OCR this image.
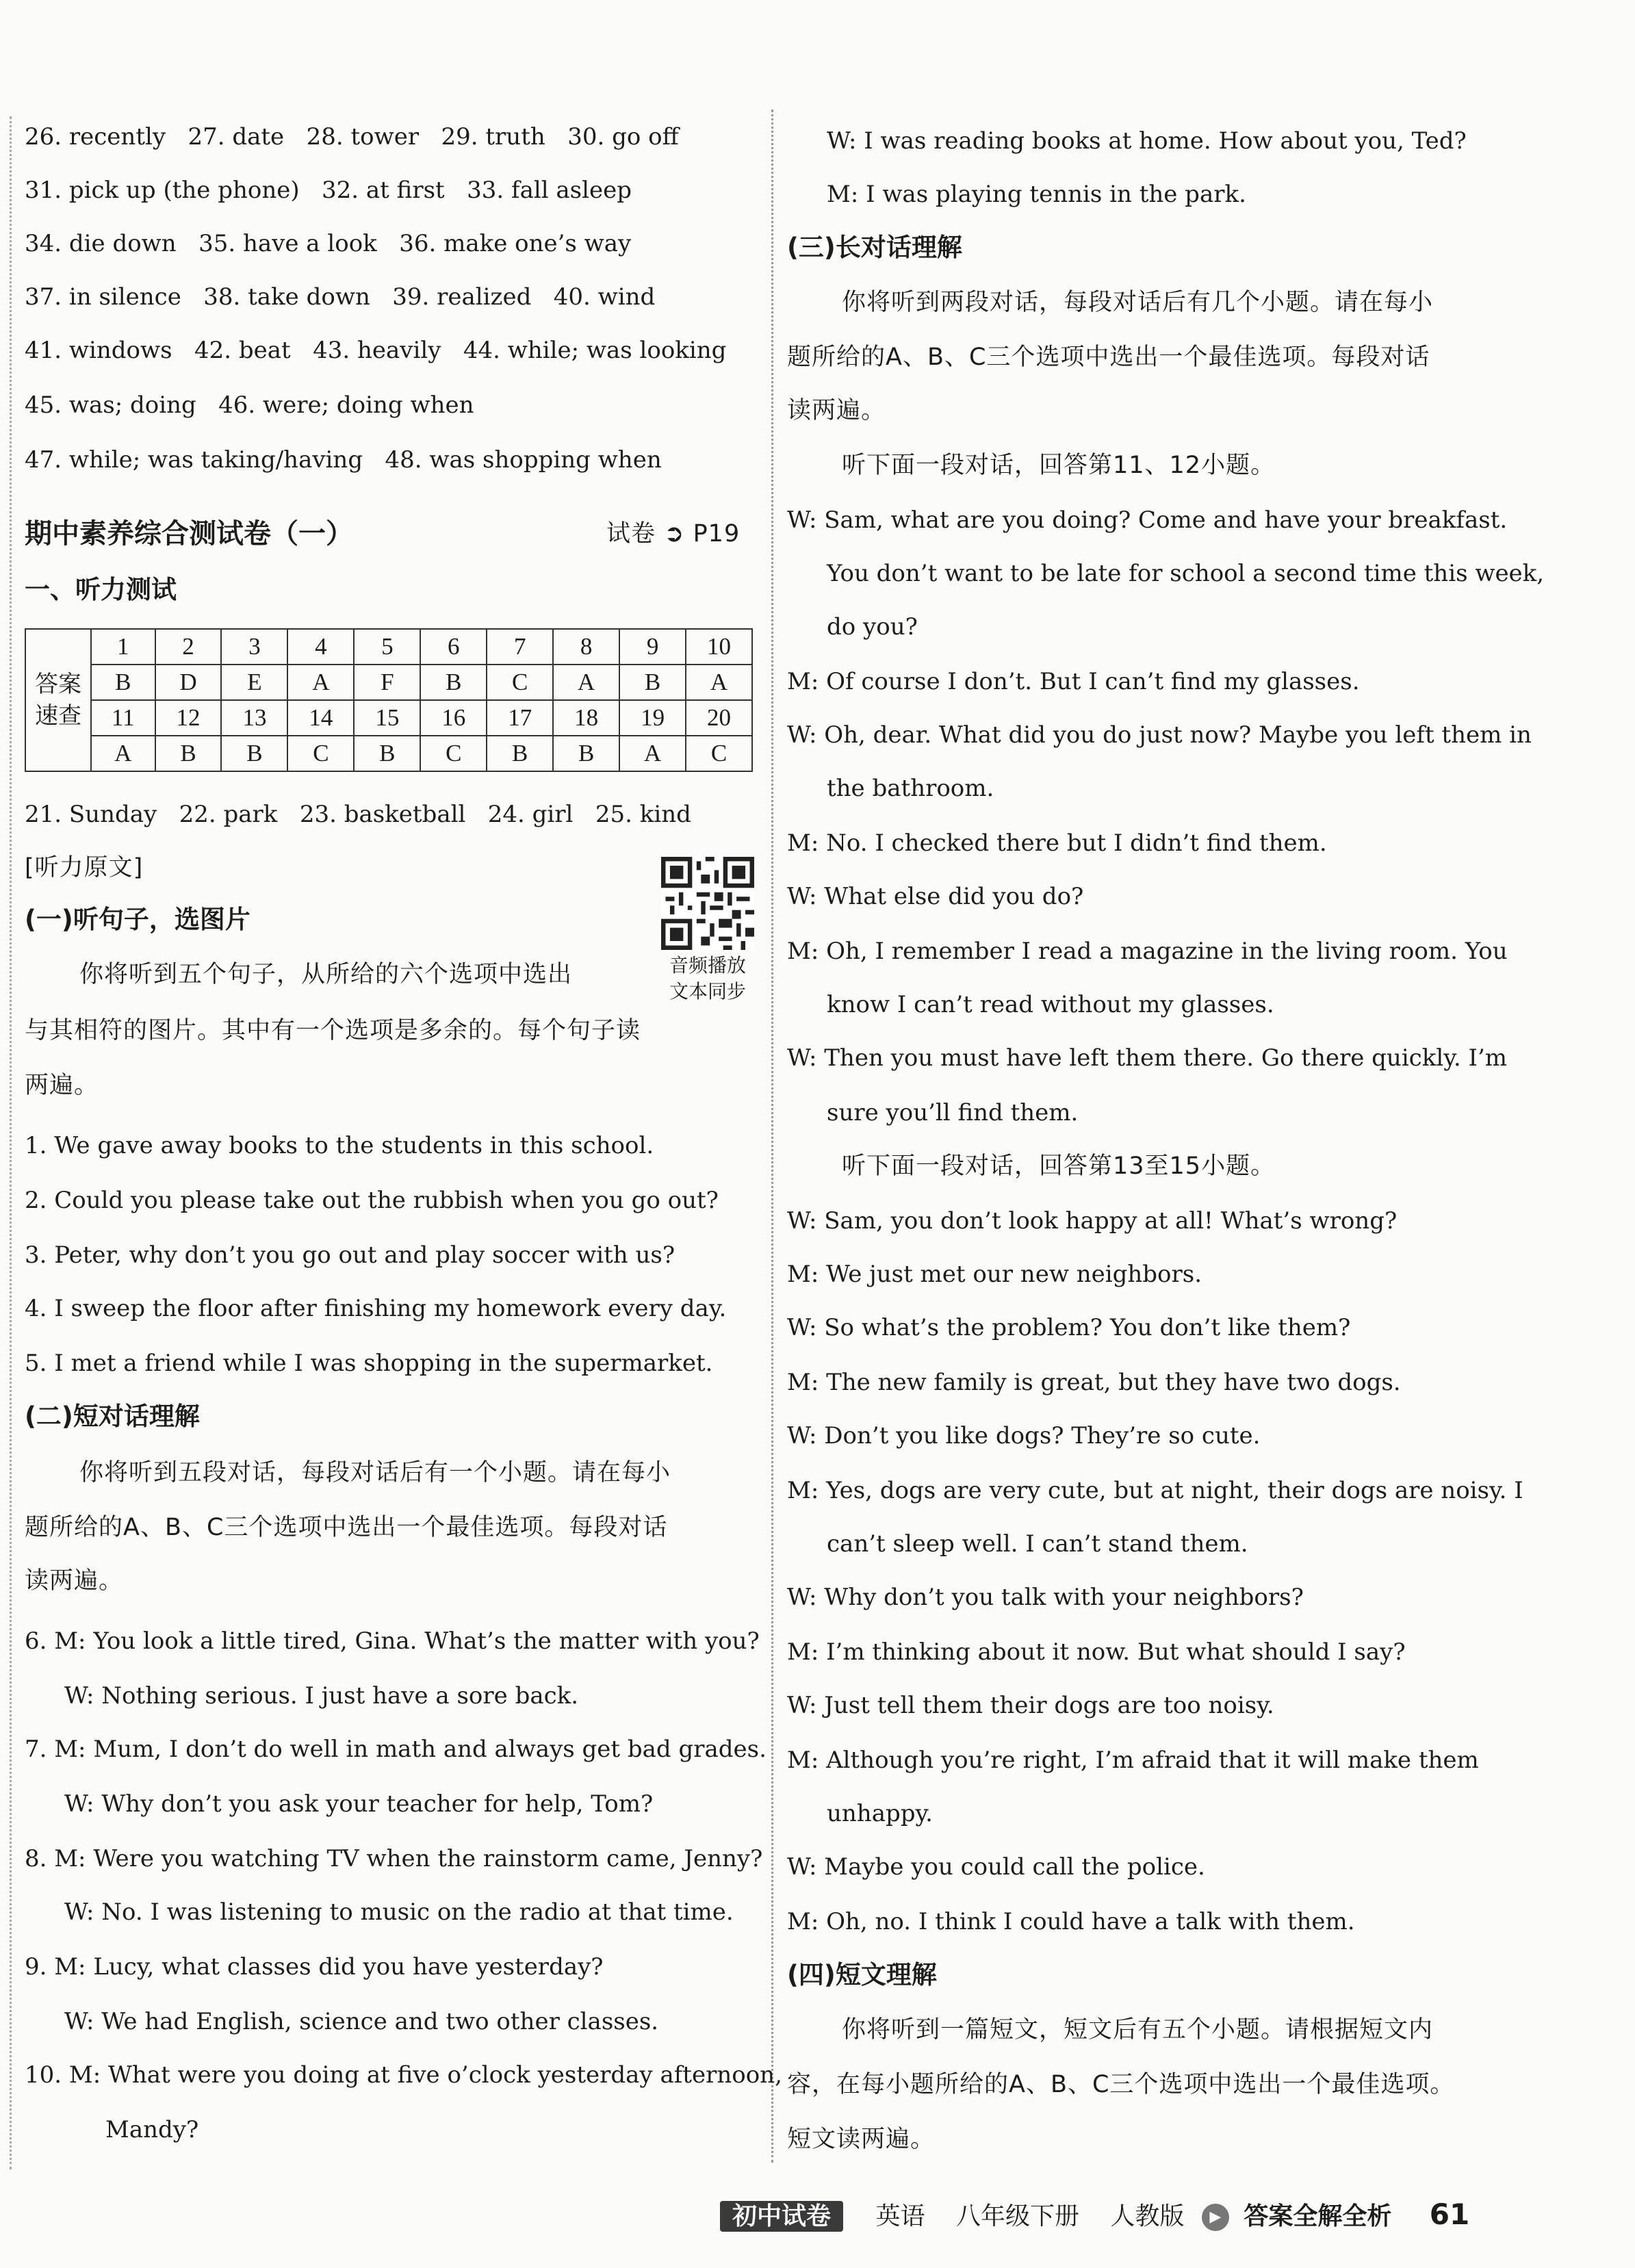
26. recently   27. date   28. tower   29. truth   30. go off
31. pick up (the phone)   32. at first   33. fall asleep
34. die down   35. have a look   36. make one’s way
37. in silence   38. take down   39. realized   40. wind
41. windows   42. beat   43. heavily   44. while; was looking
45. was; doing   46. were; doing when
47. while; was taking/having   48. was shopping when
期中素养综合测试卷（一）	试卷 ➲ P19
一、听力测试
答案速查	1	2	3	4	5	6	7	8	9	10
	B	D	E	A	F	B	C	A	B	A
	11	12	13	14	15	16	17	18	19	20
	A	B	B	C	B	C	B	B	A	C
21. Sunday   22. park   23. basketball   24. girl   25. kind
[听力原文]
音频播放
文本同步
(一)听句子，选图片
你将听到五个句子，从所给的六个选项中选出
与其相符的图片。其中有一个选项是多余的。每个句子读
两遍。
1. We gave away books to the students in this school.
2. Could you please take out the rubbish when you go out?
3. Peter, why don’t you go out and play soccer with us?
4. I sweep the floor after finishing my homework every day.
5. I met a friend while I was shopping in the supermarket.
(二)短对话理解
你将听到五段对话，每段对话后有一个小题。请在每小
题所给的A、B、C三个选项中选出一个最佳选项。每段对话
读两遍。
6. M: You look a little tired, Gina. What’s the matter with you?
W: Nothing serious. I just have a sore back.
7. M: Mum, I don’t do well in math and always get bad grades.
W: Why don’t you ask your teacher for help, Tom?
8. M: Were you watching TV when the rainstorm came, Jenny?
W: No. I was listening to music on the radio at that time.
9. M: Lucy, what classes did you have yesterday?
W: We had English, science and two other classes.
10. M: What were you doing at five o’clock yesterday afternoon,
Mandy?
W: I was reading books at home. How about you, Ted?
M: I was playing tennis in the park.
(三)长对话理解
你将听到两段对话，每段对话后有几个小题。请在每小
题所给的A、B、C三个选项中选出一个最佳选项。每段对话
读两遍。
听下面一段对话，回答第11、12小题。
W: Sam, what are you doing? Come and have your breakfast.
You don’t want to be late for school a second time this week,
do you?
M: Of course I don’t. But I can’t find my glasses.
W: Oh, dear. What did you do just now? Maybe you left them in
the bathroom.
M: No. I checked there but I didn’t find them.
W: What else did you do?
M: Oh, I remember I read a magazine in the living room. You
know I can’t read without my glasses.
W: Then you must have left them there. Go there quickly. I’m
sure you’ll find them.
听下面一段对话，回答第13至15小题。
W: Sam, you don’t look happy at all! What’s wrong?
M: We just met our new neighbors.
W: So what’s the problem? You don’t like them?
M: The new family is great, but they have two dogs.
W: Don’t you like dogs? They’re so cute.
M: Yes, dogs are very cute, but at night, their dogs are noisy. I
can’t sleep well. I can’t stand them.
W: Why don’t you talk with your neighbors?
M: I’m thinking about it now. But what should I say?
W: Just tell them their dogs are too noisy.
M: Although you’re right, I’m afraid that it will make them
unhappy.
W: Maybe you could call the police.
M: Oh, no. I think I could have a talk with them.
(四)短文理解
你将听到一篇短文，短文后有五个小题。请根据短文内
容，在每小题所给的A、B、C三个选项中选出一个最佳选项。
短文读两遍。
初中试卷 英语 八年级下册 人教版 ▶ 答案全解全析 61
